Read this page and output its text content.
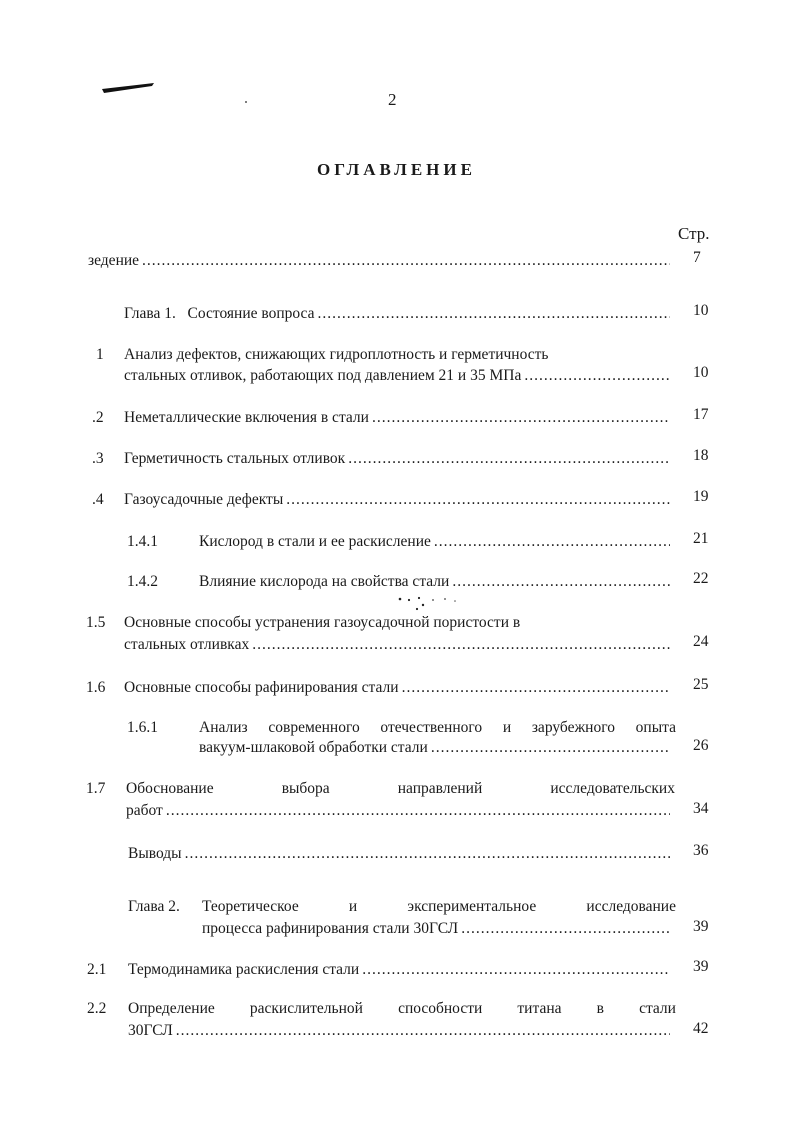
2
ОГЛАВЛЕНИЕ
Стр.
зедение .....	7
Глава 1.   Состояние вопроса .....	10
1 Анализ дефектов, снижающих гидроплотность и герметичность
стальных отливок, работающих под давлением 21 и 35 МПа .....	10
.2 Неметаллические включения в стали .....	17
.3 Герметичность стальных отливок .....	18
.4 Газоусадочные дефекты .....	19
1.4.1	Кислород в стали и ее раскисление .....	21
1.4.2	Влияние кислорода на свойства стали .....	22
1.5 Основные способы устранения газоусадочной пористости в
стальных отливках .....	24
1.6 Основные способы рафинирования стали .....	25
1.6.1	Анализ современного отечественного и зарубежного опыта
вакуум-шлаковой обработки стали .....	26
1.7 Обоснование	выбора	направлений	исследовательских
работ .....	34
Выводы .....	36
Глава 2. Теоретическое	и	экспериментальное	исследование
процесса рафинирования стали 30ГСЛ .....	39
2.1 Термодинамика раскисления стали .....	39
2.2 Определение раскислительной способности титана в стали
30ГСЛ .....	42
